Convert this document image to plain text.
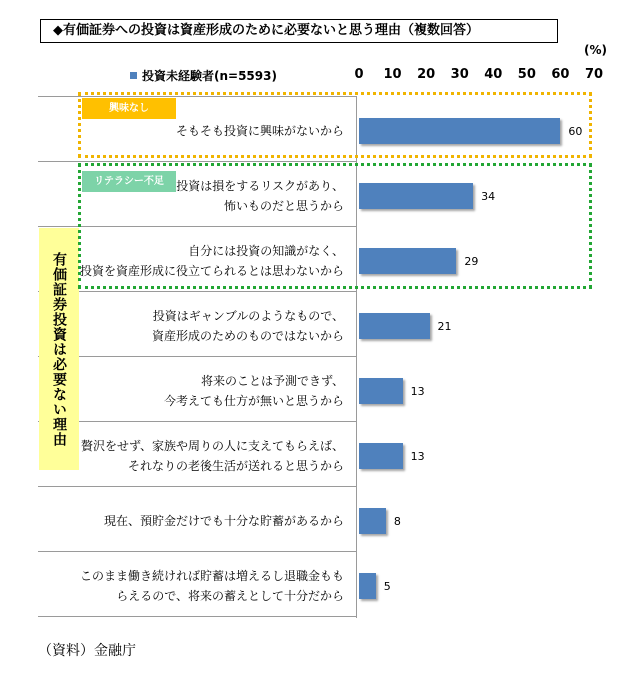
◆有価証券への投資は資産形成のために必要ないと思う理由（複数回答）
(%)
投資未経験者(n=5593)	0 10 20 30 40 50 60 70
そもそも投資に興味がないから	60
投資は損をするリスクがあり、
怖いものだと思うから
34
自分には投資の知識がなく、
投資を資産形成に役立てられるとは思わないから
29
投資はギャンブルのようなもので、
資産形成のためのものではないから
21
将来のことは予測できず、
今考えても仕方が無いと思うから
13
贅沢をせず、家族や周りの人に支えてもらえば、
それなりの老後生活が送れると思うから
13
現在、預貯金だけでも十分な貯蓄があるから	8
このまま働き続ければ貯蓄は増えるし退職金もも
らえるので、将来の蓄えとして十分だから
5
有価証券投資は必要ない理由
興味なし
リテラシー不足
（資料）金融庁
